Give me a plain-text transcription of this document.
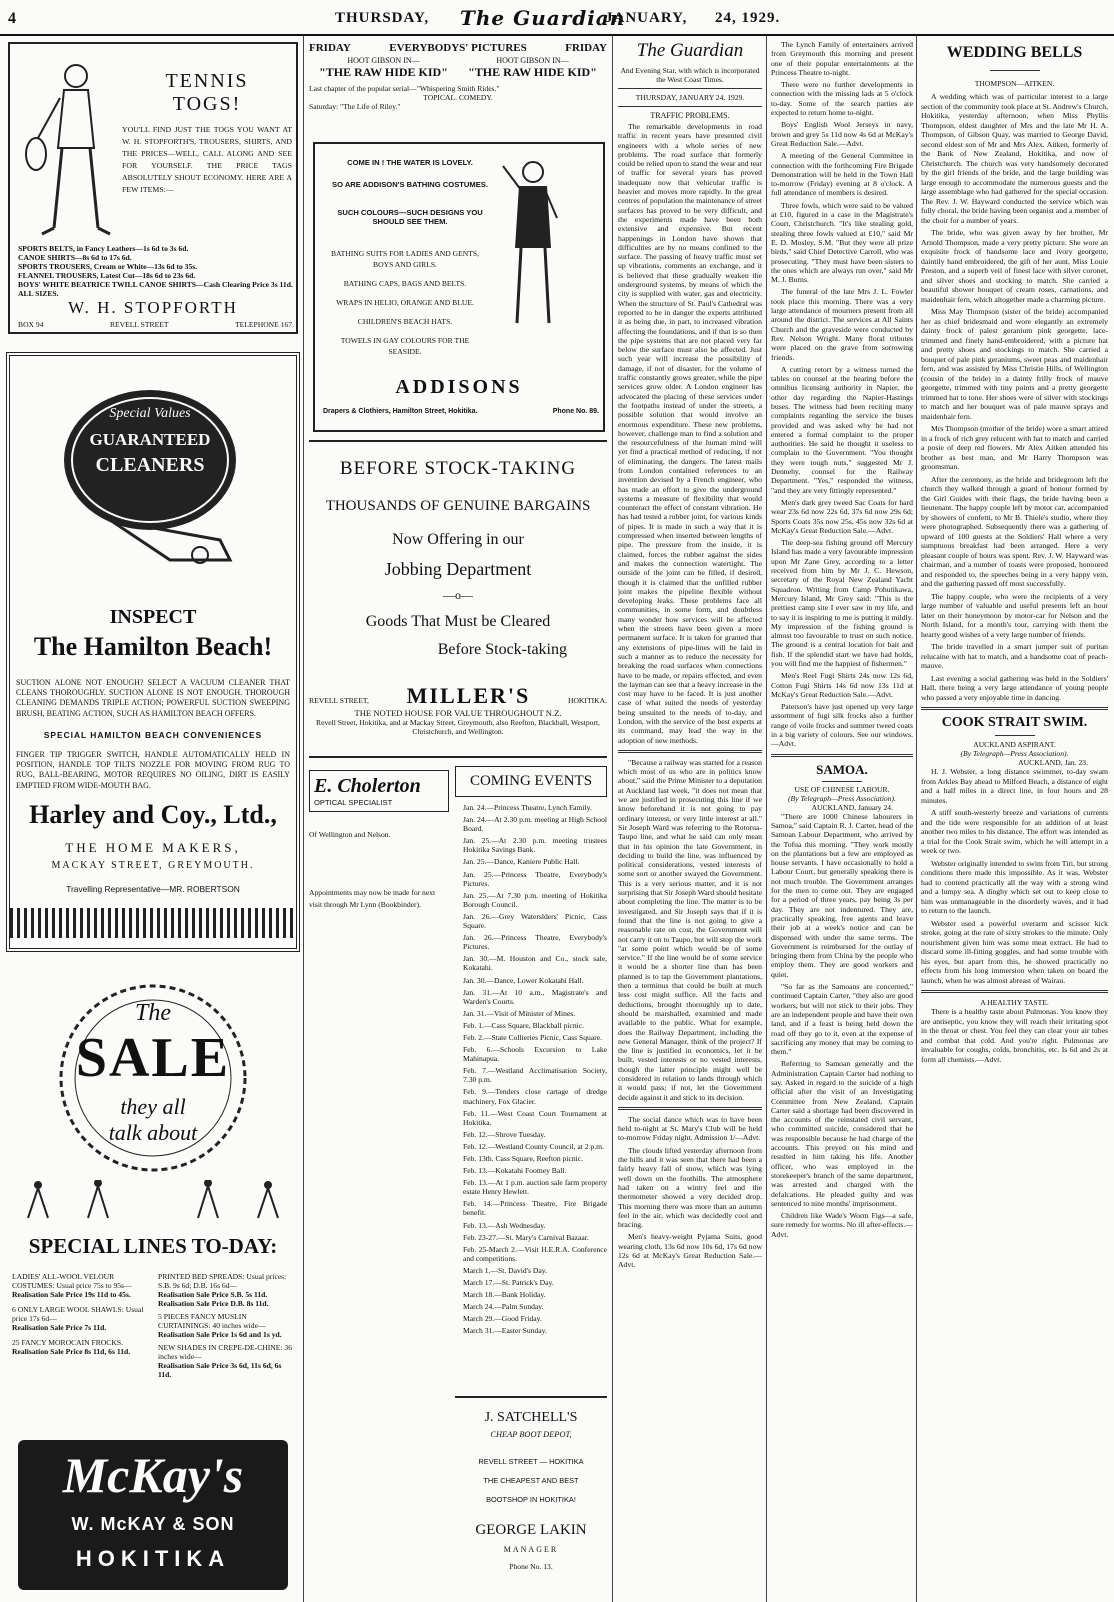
4	THURSDAY, The Guardian
JANUARY, 24, 1929.
TENNIS
TOGS!
YOU'LL FIND JUST THE TOGS YOU WANT AT W. H. STOPFORTH'S, TROUSERS, SHIRTS, AND THE PRICES—WELL, CALL ALONG AND SEE FOR YOURSELF. THE PRICE TAGS ABSOLUTELY SHOUT ECONOMY. HERE ARE A FEW ITEMS:—
SPORTS BELTS, in Fancy Leathers—1s 6d to 3s 6d.
CANOE SHIRTS—8s 6d to 17s 6d.
SPORTS TROUSERS, Cream or White—13s 6d to 35s.
FLANNEL TROUSERS, Latest Cut—18s 6d to 23s 6d.
BOYS' WHITE BEATRICE TWILL CANOE SHIRTS—Cash Clearing Price 3s 11d. ALL SIZES.
W. H. STOPFORTH
BOX 94	REVELL STREET	TELEPHONE 167.
Special Values
GUARANTEED
CLEANERS
INSPECT
The Hamilton Beach!
SUCTION ALONE NOT ENOUGH? SELECT A VACUUM CLEANER THAT CLEANS THOROUGHLY. SUCTION ALONE IS NOT ENOUGH. THOROUGH CLEANING DEMANDS TRIPLE ACTION; POWERFUL SUCTION SWEEPING BRUSH, BEATING ACTION, SUCH AS HAMILTON BEACH OFFERS.
SPECIAL HAMILTON BEACH CONVENIENCES
FINGER TIP TRIGGER SWITCH, HANDLE AUTOMATICALLY HELD IN POSITION, HANDLE TOP TILTS NOZZLE FOR MOVING FROM RUG TO RUG, BALL-BEARING, MOTOR REQUIRES NO OILING, DIRT IS EASILY EMPTIED FROM WIDE-MOUTH BAG.
Harley and Coy., Ltd.,
THE HOME MAKERS,
MACKAY STREET, GREYMOUTH.
Travelling Representative—MR. ROBERTSON
The
SALE
they all
talk about
SPECIAL LINES TO-DAY:
LADIES' ALL-WOOL VELOUR COSTUMES: Usual price 75s to 95s—
Realisation Sale Price 19s 11d to 45s.
6 ONLY LARGE WOOL SHAWLS: Usual price 17s 6d—
Realisation Sale Price 7s 11d.
25 FANCY MOROCAIN FROCKS.
Realisation Sale Price 8s 11d, 6s 11d.
PRINTED BED SPREADS: Usual prices: S.B. 9s 6d; D.B. 16s 6d—
Realisation Sale Price S.B. 5s 11d.
Realisation Sale Price D.B. 8s 11d.
5 PIECES FANCY MUSLIN CURTAININGS: 40 inches wide—
Realisation Sale Price 1s 6d and 1s yd.
NEW SHADES IN CREPE-DE-CHINE: 36 inches wide—
Realisation Sale Price 3s 6d, 11s 6d, 6s 11d.
McKay's
W. McKAY & SON
HOKITIKA
FRIDAY	EVERYBODYS' PICTURES	FRIDAY
HOOT GIBSON IN—	HOOT GIBSON IN—
"THE RAW HIDE KID" "THE RAW HIDE KID"
Last chapter of the popular serial—"Whispering Smith Rides."
TOPICAL. COMEDY.
Saturday: "The Life of Riley."
COME IN ! THE WATER IS LOVELY.
SO ARE ADDISON'S BATHING COSTUMES.
SUCH COLOURS—SUCH DESIGNS YOU SHOULD SEE THEM.
BATHING SUITS FOR LADIES AND GENTS, BOYS AND GIRLS.
BATHING CAPS, BAGS AND BELTS.
WRAPS IN HELIO, ORANGE AND BLUE.
CHILDREN'S BEACH HATS.
TOWELS IN GAY COLOURS FOR THE SEASIDE.
ADDISONS
Drapers & Clothiers, Hamilton Street, Hokitika.	Phone No. 89.
BEFORE STOCK-TAKING
THOUSANDS OF GENUINE BARGAINS
Now Offering in our
Jobbing Department
—o—
Goods That Must be Cleared
Before Stock-taking
REVELL STREET, MILLER'S	HOKITIKA.
THE NOTED HOUSE FOR VALUE THROUGHOUT N.Z.
Revell Street, Hokitika, and at Mackay Street, Greymouth, also Reefton, Blackball, Westport, Christchurch, and Wellington.
E. Cholerton
OPTICAL SPECIALIST
Of Wellington and Nelson.
Appointments may now be made for next visit through Mr Lynn (Bookbinder).
COMING EVENTS

Jan. 24.—Princess Theatre, Lynch Family.

Jan. 24.—At 2.30 p.m. meeting at High School Board.

Jan. 25.—At 2.30 p.m. meeting trustees Hokitika Savings Bank.

Jan. 25.—Dance, Kaniere Public Hall.

Jan. 25.—Princess Theatre, Everybody's Pictures.

Jan. 25.—At 7.30 p.m. meeting of Hokitika Borough Council.

Jan. 26.—Grey Waterslders' Picnic, Cass Square.

Jan. 26.—Princess Theatre, Everybody's Pictures.

Jan. 30.—M. Houston and Co., stock sale, Kokatahi.

Jan. 30.—Dance, Lower Kokatahi Hall.

Jan. 31.—At 10 a.m., Magistrate's and Warden's Courts.

Jan. 31.—Visit of Minister of Mines.

Feb. 1.—Cass Square, Blackball picnic.

Feb. 2.—State Collieries Picnic, Cass Square.

Feb. 6.—Schools Excursion to Lake Mahinapua.

Feb. 7.—Westland Acclimatisation Society, 7.30 p.m.

Feb. 9.—Tenders close cartage of dredge machinery, Fox Glacier.

Feb. 11.—West Coast Court Tournament at Hokitika.

Feb. 12.—Shrove Tuesday.

Feb. 12.—Westland County Council, at 2 p.m.

Feb. 13th. Cass Square, Reefton picnic.

Feb. 13.—Kokatahi Footney Ball.

Feb. 13.—At 1 p.m. auction sale farm property estate Henry Hewlett.

Feb. 14.—Princess Theatre, Fire Brigade benefit.

Feb. 13.—Ash Wednesday.

Feb. 23-27.—St. Mary's Carnival Bazaar.

Feb. 25-March 2.—Visit H.E.R.A. Conference and competitions.

March 1.—St. David's Day.

March 17.—St. Patrick's Day.

March 18.—Bank Holiday.

March 24.—Palm Sunday.

March 29.—Good Friday.

March 31.—Easter Sunday.

J. SATCHELL'S
CHEAP BOOT DEPOT,
REVELL STREET — HOKITIKA
THE CHEAPEST AND BEST
BOOTSHOP IN HOKITIKA!
GEORGE LAKIN
MANAGER
Phone No. 13.
The Guardian
And Evening Star, with which is incorporated the West Coast Times.
THURSDAY, JANUARY 24, 1929.
TRAFFIC PROBLEMS.

The remarkable developments in road traffic in recent years have presented civil engineers with a whole series of new problems. The road surface that formerly could be relied upon to stand the wear and tear of traffic for several years has proved inadequate now that vehicular traffic is heavier and moves more rapidly. In the great centres of population the maintenance of street surfaces has proved to be very difficult, and the experiments made have been both extensive and expensive. But recent happenings in London have shown that difficulties are by no means confined to the surface. The passing of heavy traffic must set up vibrations, comments an exchange, and it is believed that these gradually weaken the underground systems, by means of which the city is supplied with water, gas and electricity. When the structure of St. Paul's Cathedral was reported to be in danger the experts attributed it as being due, in part, to increased vibration affecting the foundations, and if that is so then the pipe systems that are not placed very far below the surface must also be affected. Just such year will increase the possibility of damage, if not of disaster, for the volume of traffic constantly grows greater, while the pipe services grow older. A London engineer has advocated the placing of these services under the footpaths instead of under the streets, a possible solution that would involve an enormous expenditure. These new problems, however, challenge man to find a solution and the resourcefulness of the human mind will yet find a practical method of reducing, if not of eliminating, the dangers. The latest mails from London contained references to an invention devised by a French engineer, who has made an effort to give the underground systems a measure of flexibility that would counteract the effect of constant vibration. He has had tested a rubber joint, for various kinds of pipes. It is made in such a way that it is compressed when inserted between lengths of pipe. The pressure from the inside, it is claimed, forces the rubber against the sides and makes the connection watertight. The outside of the joint can be filled, if desired, though it is claimed that the unfilled rubber joint makes the pipeline flexible without developing leaks. These problems face all communities, in some form, and doubtless many wonder how services will be affected when the streets have been given a more permanent surface. It is taken for granted that any extensions of pipe-lines will be laid in such a manner as to reduce the necessity for breaking the road surfaces when connections have to be made, or repairs effected, and even the layman can see that a heavy increase in the cost may have to be faced. It is just another case of what suited the needs of yesterday being unsuited to the needs of to-day, and London, with the service of the best experts at its command, may lead the way in the adoption of new methods.

"Because a railway was started for a reason which most of us who are in politics know about," said the Prime Minister to a deputation at Auckland last week, "it does not mean that we are justified in prosecuting this line if we know beforehand it is not going to pay ordinary interest, or very little interest at all." Sir Joseph Ward was referring to the Rotorua-Taupo line, and what he said can only mean that in his opinion the late Government, in deciding to build the line, was influenced by political considerations, vested interests of some sort or another swayed the Government. This is a very serious matter, and it is not surprising that Sir Joseph Ward should hesitate about completing the line. The matter is to be investigated, and Sir Joseph says that if it is found that the line is not going to give a reasonable rate on cost, the Government will not carry it on to Taupo, but will stop the work "at some point which would be of some service." If the line would be of some service it would be a shorter line than has been planned is to tap the Government plantations, then a terminus that could be built at much less cost might suffice. All the facts and deductions, brought thoroughly up to date, should be marshalled, examined and made available to the public. What for example, does the Railway Department, including the new General Manager, think of the project? If the line is justified in economics, let it be built, vested interests or no vested interests, though the latter principle might well be considered in relation to lands through which it would pass; if not, let the Government decide against it and stick to its decision.

The social dance which was to have been held to-night at St. Mary's Club will be held to-morrow Friday night. Admission 1/—Advt.

The clouds lifted yesterday afternoon from the hills and it was seen that there had been a fairly heavy fall of snow, which was lying well down on the foothills. The atmosphere had taken on a wintry feel and the thermometer showed a very decided drop. This morning there was more than an autumn feel in the air, which was decidedly cool and bracing.

Men's heavy-weight Pyjama Suits, good wearing cloth, 13s 6d now 10s 6d, 17s 6d now 12s 6d at McKay's Great Reduction Sale.—Advt.

The Lynch Family of entertainers arrived from Greymouth this morning and present one of their popular entertainments at the Princess Theatre to-night.

There were no further developments in connection with the missing lads at 5 o'clock to-day. Some of the search parties are expected to return home to-night.

Boys' English Wool Jerseys in navy, brown and grey 5s 11d now 4s 6d at McKay's Great Reduction Sale.—Advt.

A meeting of the General Committee in connection with the forthcoming Fire Brigade Demonstration will be held in the Town Hall to-morrow (Friday) evening at 8 o'clock. A full attendance of members is desired.

Three fowls, which were said to be valued at £10, figured in a case in the Magistrate's Court, Christchurch. "It's like stealing gold, stealing three fowls valued at £10," said Mr E. D. Mosley, S.M. "But they were all prize birds," said Chief Detective Carroll, who was prosecuting. "They must have been sisters to the ones which are always run over," said Mr M. J. Burns.

The funeral of the late Mrs J. L. Fowler took place this morning. There was a very large attendance of mourners present from all around the district. The services at All Saints Church and the graveside were conducted by Rev. Nelson Wright. Many floral tributes were placed on the grave from sorrowing friends.

A cutting retort by a witness turned the tables on counsel at the hearing before the omnibus licensing authority in Napier, the other day regarding the Napier-Hastings buses. The witness had been reciting many complaints regarding the service the buses provided and was asked why he had not entered a formal complaint to the proper authorities. He said he thought it useless to complain to the Government. "You thought they were tough nuts," suggested Mr J. Dennehy, counsel for the Railway Department. "Yes," responded the witness, "and they are very fittingly represented."

Men's dark grey tweed Sac Coats for hard wear 23s 6d now 22s 6d, 37s 6d now 29s 6d; Sports Coats 35s now 25s, 45s now 32s 6d at McKay's Great Reduction Sale.—Advt.

The deep-sea fishing ground off Mercury Island has made a very favourable impression upon Mr Zane Grey, according to a letter received from him by Mr J. C. Hewson, secretary of the Royal New Zealand Yacht Squadron. Writing from Camp Pohutikawa, Mercury Island, Mr Grey said: "This is the prettiest camp site I ever saw in my life, and to say it is inspiring to me is putting it mildly. My impression of the fishing ground is almost too favourable to trust on such notice. The ground is a central location for bait and fish. If the splendid start we have had holds, you will find me the happiest of fishermen."

Men's Reel Fugi Shirts 24s now 12s 6d, Cotton Fugi Shirts 14s 6d now 13s 11d at McKay's Great Reduction Sale.—Advt.

Paterson's have just opened up very large assortment of fugi silk frocks also a further range of voile frocks and summer tweed coats in a big variety of colours. See our windows.—Advt.

SAMOA.
USE OF CHINESE LABOUR.
(By Telegraph—Press Association).
AUCKLAND, January 24.

"There are 1000 Chinese labourers in Samoa," said Captain R. J. Carter, head of the Samoan Labour Department, who arrived by the Tofua this morning. "They work mostly on the plantations but a few are employed as house servants. I have occasionally to hold a Labour Court, but generally speaking there is not much trouble. The Government arranges for the men to come out. They are engaged for a period of three years, pay being 3s per day. They are not indentured. They are, practically speaking, free agents and leave their job at a week's notice and can be dispensed with under the same terms. The Government is reimbursed for the outlay of bringing them from China by the people who employ them. They are good workers and quiet.

"So far as the Samoans are concerned," continued Captain Carter, "they also are good workers, but will not stick to their jobs. They are an independent people and have their own land, and if a feast is being held down the road off they go to it, even at the expense of sacrificing any money that may be coming to them."

Referring to Samoan generally and the Administration Captain Carter had nothing to say. Asked in regard to the suicide of a high official after the visit of an Investigating Committee from New Zealand, Captain Carter said a shortage had been discovered in the accounts of the reinstated civil servant, who committed suicide, considered that he was responsible because he had charge of the accounts. This preyed on his mind and resulted in him taking his life. Another officer, who was employed in the storekeeper's branch of the same department, was arrested and charged with the defalcations. He pleaded guilty and was sentenced to nine months' imprisonment.

Children like Wade's Worm Figs—a safe, sure remedy for worms. No ill after-effects.—Advt.

WEDDING BELLS
THOMPSON—AITKEN.

A wedding which was of particular interest to a large section of the community took place at St. Andrew's Church, Hokitika, yesterday afternoon, when Miss Phyllis Thompson, eldest daughter of Mrs and the late Mr H. A. Thompson, of Gibson Quay, was married to George David, second eldest son of Mr and Mrs Alex. Aitken, formerly of the Bank of New Zealand, Hokitika, and now of Christchurch. The church was very handsomely decorated by the girl friends of the bride, and the large building was large enough to accommodate the numerous guests and the large assemblage who had gathered for the special occasion. The Rev. J. W. Hayward conducted the service which was fully choral, the bride having been organist and a member of the choir for a number of years.

The bride, who was given away by her brother, Mr Arnold Thompson, made a very pretty picture. She wore an exquisite frock of handsome lace and ivory georgette, daintily hand embroidered, the gift of her aunt, Miss Louie Preston, and a superb veil of finest lace with silver coronet, and silver shoes and stocking to match. She carried a beautiful shower bouquet of cream roses, carnations, and maidenhair fern, which altogether made a charming picture.

Miss May Thompson (sister of the bride) accompanied her as chief bridesmaid and wore elegantly an extremely dainty frock of palest geranium pink georgette, lace-trimmed and finely hand-embroidered, with a picture hat and pretty shoes and stockings to match. She carried a bouquet of pale pink geraniums, sweet peas and maidenhair fern, and was assisted by Miss Christie Hills, of Wellington (cousin of the bride) in a dainty frilly frock of mauve georgette, trimmed with tiny points and a pretty georgette trimmed hat to tone. Her shoes were of silver with stockings to match and her bouquet was of pale mauve sprays and maidenhair fern.

Mrs Thompson (mother of the bride) wore a smart attired in a frock of rich grey relucent with hat to match and carried a posie of deep red flowers. Mr Alex Aitken attended his brother as best man, and Mr Harry Thompson was groomsman.

After the ceremony, as the bride and bridegroom left the church they walked through a guard of honour formed by the Girl Guides with their flags, the bride having been a lieutenant. The happy couple left by motor car, accompanied by showers of confetti, to Mr B. Thiele's studio, where they were photographed. Subsequently there was a gathering of upward of 100 guests at the Soldiers' Hall where a very sumptuous breakfast had been arranged. Here a very pleasant couple of hours was spent. Rev. J. W. Hayward was chairman, and a number of toasts were proposed, honoured and responded to, the speeches being in a very happy vein, and the gathering passed off most successfully.

The happy couple, who were the recipients of a very large number of valuable and useful presents left an hour later on their honeymoon by motor-car for Nelson and the North Island, for a month's tour, carrying with them the hearty good wishes of a very large number of friends.

The bride travelled in a smart jumper suit of puritan relucaine with hat to match, and a handsome coat of peach-mauve.

Last evening a social gathering was held in the Soldiers' Hall, there being a very large attendance of young people who passed a very enjoyable time in dancing.

COOK STRAIT SWIM.
AUCKLAND ASPIRANT.
(By Telegraph—Press Association).
AUCKLAND, Jan. 23.

H. J. Webster, a long distance swimmer, to-day swam from Arkles Bay ahead to Milford Beach, a distance of eight and a half miles in a direct line, in four hours and 28 minutes.

A stiff south-westerly breeze and variations of currents and the tide were responsible for an addition of at least another two miles to his distance. The effort was intended as a trial for the Cook Strait swim, which he will attempt in a week or two.

Webster originally intended to swim from Tiri, but strong conditions there made this impossible. As it was, Webster had to contend practically all the way with a strong wind and a lumpy sea. A dinghy which set out to keep close to him was unmanageable in the disorderly waves, and it had to return to the launch.

Webster used a powerful overarm and scissor kick stroke, going at the rate of sixty strokes to the minute. Only nourishment given him was some meat extract. He had to discard some ill-fitting goggles, and had some trouble with his eyes, but apart from this, he showed practically no effects from his long immersion when taken on board the launch, when he was almost abreast of Wairau.

A HEALTHY TASTE.

There is a healthy taste about Pulmonas. You know they are antiseptic, you know they will reach their irritating spot in the throat or chest. You feel they can clear your air tubes and combat that cold. And you're right. Pulmonas are invaluable for coughs, colds, bronchitis, etc. Is 6d and 2s at form all chemists.—Advt.
